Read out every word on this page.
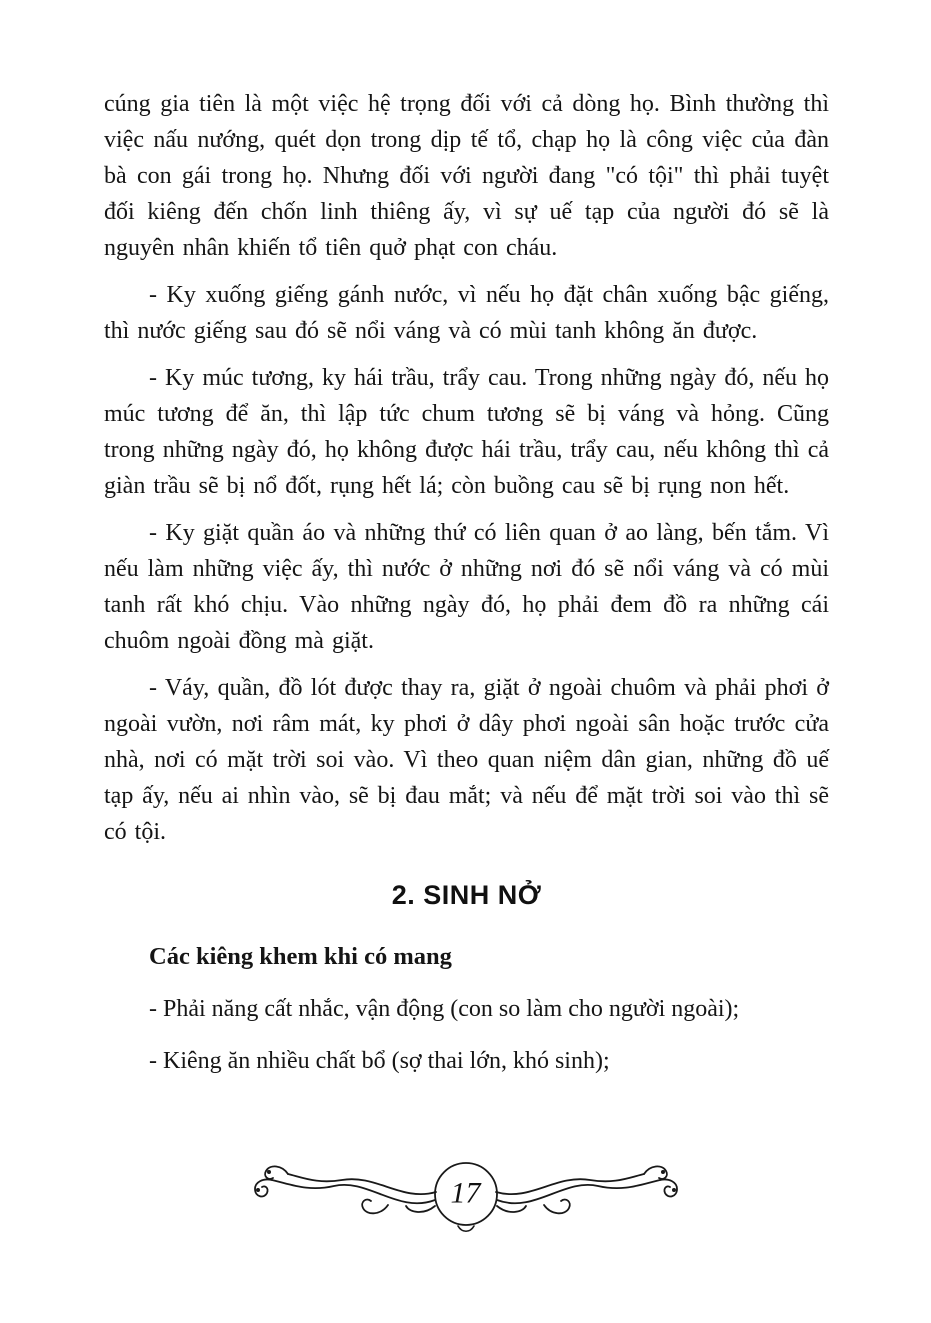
cúng gia tiên là một việc hệ trọng đối với cả dòng họ. Bình thường thì việc nấu nướng, quét dọn trong dịp tế tổ, chạp họ là công việc của đàn bà con gái trong họ. Nhưng đối với người đang "có tội" thì phải tuyệt đối kiêng đến chốn linh thiêng ấy, vì sự uế tạp của người đó sẽ là nguyên nhân khiến tổ tiên quở phạt con cháu.

- Ky xuống giếng gánh nước, vì nếu họ đặt chân xuống bậc giếng, thì nước giếng sau đó sẽ nổi váng và có mùi tanh không ăn được.

- Ky múc tương, ky hái trầu, trẩy cau. Trong những ngày đó, nếu họ múc tương để ăn, thì lập tức chum tương sẽ bị váng và hỏng. Cũng trong những ngày đó, họ không được hái trầu, trẩy cau, nếu không thì cả giàn trầu sẽ bị nổ đốt, rụng hết lá; còn buồng cau sẽ bị rụng non hết.

- Ky giặt quần áo và những thứ có liên quan ở ao làng, bến tắm. Vì nếu làm những việc ấy, thì nước ở những nơi đó sẽ nổi váng và có mùi tanh rất khó chịu. Vào những ngày đó, họ phải đem đồ ra những cái chuôm ngoài đồng mà giặt.

- Váy, quần, đồ lót được thay ra, giặt ở ngoài chuôm và phải phơi ở ngoài vườn, nơi râm mát, ky phơi ở dây phơi ngoài sân hoặc trước cửa nhà, nơi có mặt trời soi vào. Vì theo quan niệm dân gian, những đồ uế tạp ấy, nếu ai nhìn vào, sẽ bị đau mắt; và nếu để mặt trời soi vào thì sẽ có tội.

2. SINH NỞ

Các kiêng khem khi có mang

- Phải năng cất nhắc, vận động (con so làm cho người ngoài);

- Kiêng ăn nhiều chất bổ (sợ thai lớn, khó sinh);

17
